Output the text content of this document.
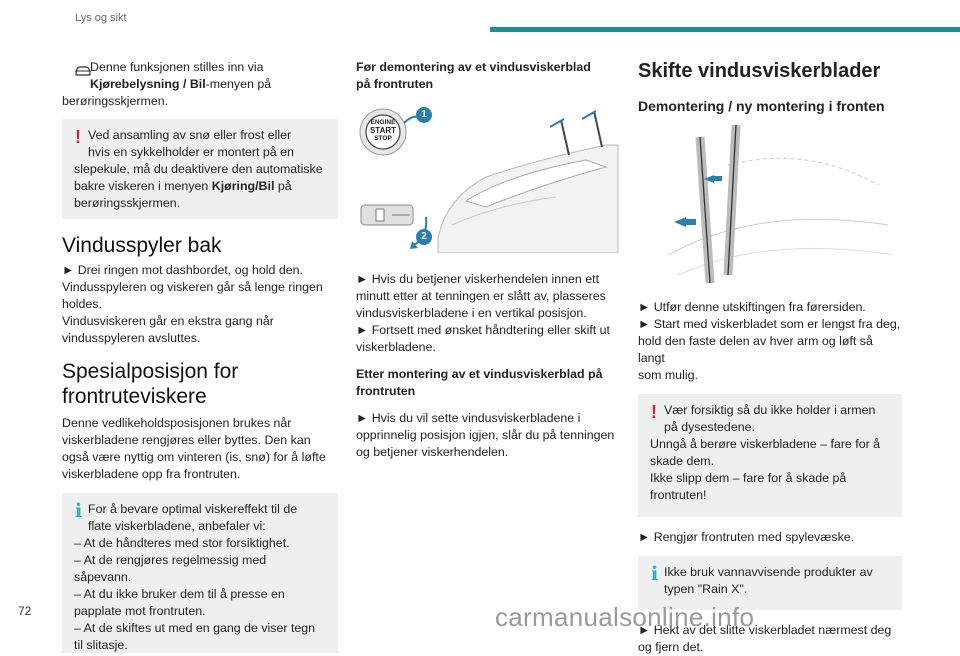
Lys og sikt

Denne funksjonen stilles inn via

Kjørebelysning / Bil-menyen på

berøringsskjermen.

! Ved ansamling av snø eller frost eller

hvis en sykkelholder er montert på en

slepekule, må du deaktivere den automatiske

bakre viskeren i menyen Kjøring/Bil på

berøringsskjermen.

Vindusspyler bak

► Drei ringen mot dashbordet, og hold den.

Vindusspyleren og viskeren går så lenge ringen

holdes.

Vindusviskeren går en ekstra gang når

vindusspyleren avsluttes.

Spesialposisjon for
frontruteviskere

Denne vedlikeholdsposisjonen brukes når

viskerbladene rengjøres eller byttes. Den kan

også være nyttig om vinteren (is, snø) for å løfte

viskerbladene opp fra frontruten.

i For å bevare optimal viskereffekt til de

flate viskerbladene, anbefaler vi:

– At de håndteres med stor forsiktighet.

– At de rengjøres regelmessig med

såpevann.

– At du ikke bruker dem til å presse en

papplate mot frontruten.

– At de skiftes ut med en gang de viser tegn

til slitasje.

Før demontering av et vindusviskerblad
på frontruten
ENGINE
START
STOP
1
2

► Hvis du betjener viskerhendelen innen ett

minutt etter at tenningen er slått av, plasseres

vindusviskerbladene i en vertikal posisjon.

► Fortsett med ønsket håndtering eller skift ut

viskerbladene.

Etter montering av et vindusviskerblad på
frontruten

► Hvis du vil sette vindusviskerbladene i

opprinnelig posisjon igjen, slår du på tenningen

og betjener viskerhendelen.

Skifte vindusviskerblader
Demontering / ny montering i fronten

► Utfør denne utskiftingen fra førersiden.

► Start med viskerbladet som er lengst fra deg,

hold den faste delen av hver arm og løft så langt

som mulig.

! Vær forsiktig så du ikke holder i armen

på dysestedene.

Unngå å berøre viskerbladene – fare for å

skade dem.

Ikke slipp dem – fare for å skade på

frontruten!

► Rengjør frontruten med spylevæske.

i Ikke bruk vannavvisende produkter av

typen "Rain X".

► Hekt av det slitte viskerbladet nærmest deg

og fjern det.

72	carmanualsonline.info
